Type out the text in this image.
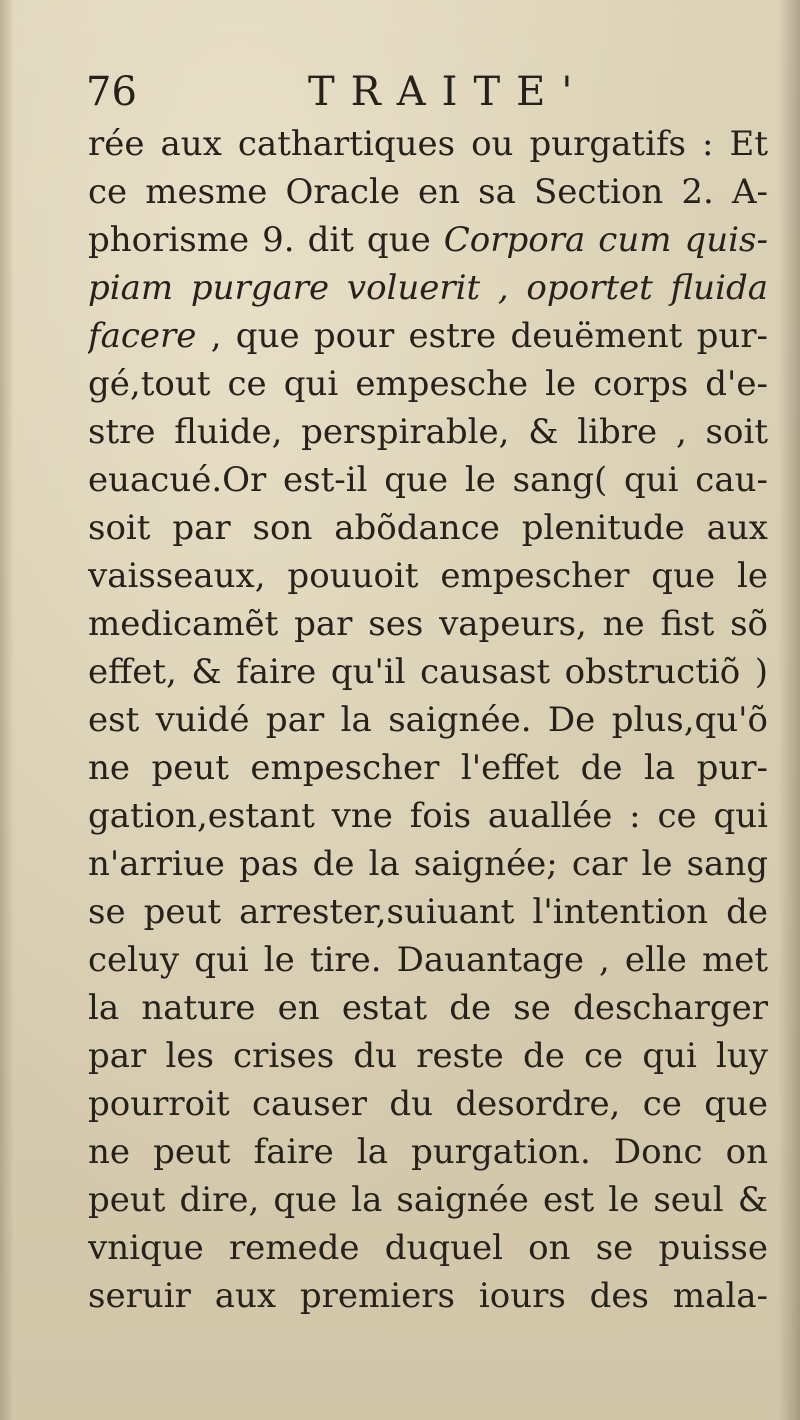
76	TRAITE'
rée aux cathartiques ou purgatifs : Et
ce mesme Oracle en sa Section 2. A-
phorisme 9. dit que Corpora cum quis-
piam purgare voluerit , oportet fluida
facere , que pour estre deuëment pur-
gé,tout ce qui empesche le corps d'e-
stre fluide, perspirable, & libre , soit
euacué.Or est-il que le sang( qui cau-
soit par son abõdance plenitude aux
vaisseaux, pouuoit empescher que le
medicamẽt par ses vapeurs, ne fist sõ
effet, & faire qu'il causast obstructiõ )
est vuidé par la saignée. De plus,qu'õ
ne peut empescher l'effet de la pur-
gation,estant vne fois auallée : ce qui
n'arriue pas de la saignée; car le sang
se peut arrester,suiuant l'intention de
celuy qui le tire. Dauantage , elle met
la nature en estat de se descharger
par les crises du reste de ce qui luy
pourroit causer du desordre, ce que
ne peut faire la purgation. Donc on
peut dire, que la saignée est le seul &
vnique remede duquel on se puisse
seruir aux premiers iours des mala-
